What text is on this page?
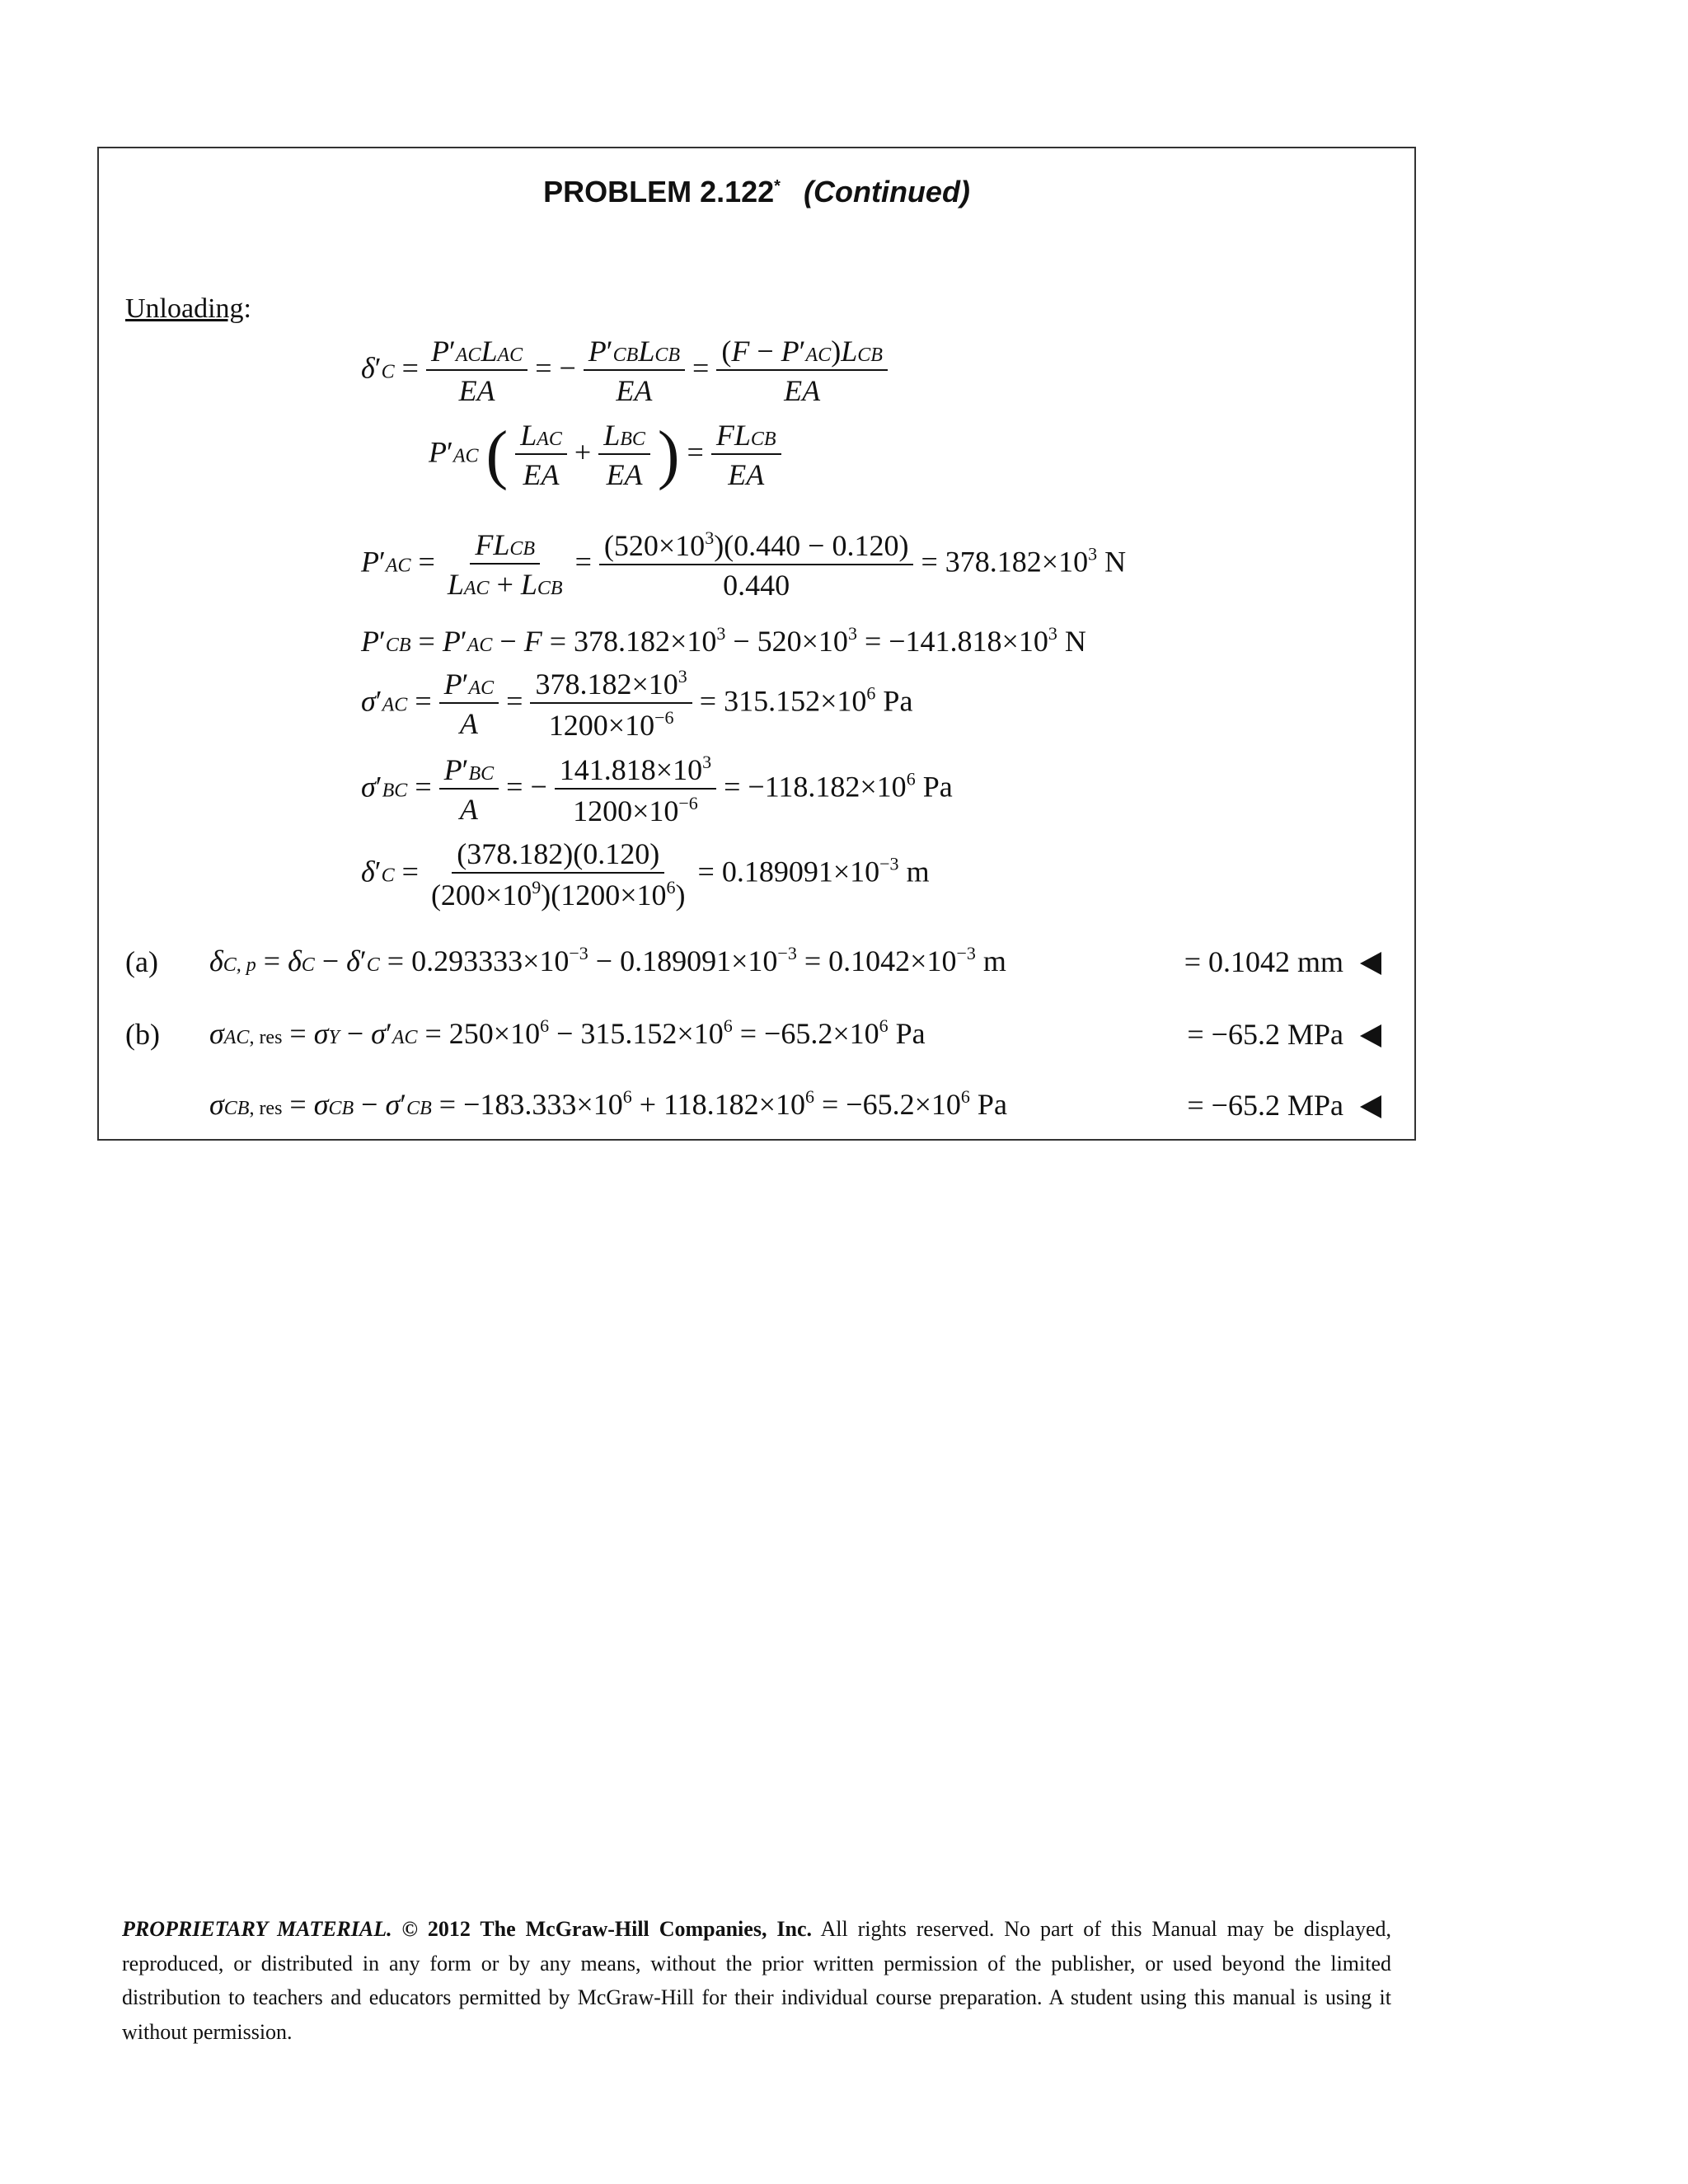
PROBLEM 2.122* (Continued)
Unloading:
$\delta'C = \frac{\text{P′ACLAC}}{EA}$ = − $\frac{\text{P′CBLCB}}{EA} = \frac{\text{(F − P′AC)LCB}}{EA}$
P′AC ( $\frac{\text{LAC}}{EA} + \frac{\text{LBC}}{EA}$ ) = $\frac{\text{FLCB}}{EA}$
$P'AC = \frac{\text{FLCB}}{\text{LAC + LCB}} = \frac{(520\times 10^3)(0.440 - 0.120)}{0.440} = 378.182\times 10^3$ N
$P'CB = P'AC - F = 378.182\times 10^3 - 520\times 10^3 = -141.818\times 10^3$ N
$\sigma'AC = \frac{P'AC}{A} = \frac{378.182\times 10^3}{1200\times 10^{-6}} = 315.152\times 10^6$ Pa
$\sigma'BC = \frac{P'BC}{A}$ = − $\frac{141.818\times 10^3}{1200\times 10^{-6}} = -118.182\times 10^6$ Pa
$\delta'C = \frac{(378.182)(0.120)}{(200\times 10^9)(1200\times 10^6)} = 0.189091\times 10^{-3}$ m
(a) δC, $p = \delta C - \delta'C = 0.293333\times 10^{-3} - 0.189091\times 10^{-3} = 0.1042\times 10^{-3}$ m	= 0.1042 mm
(b) σAC, res = $\sigma Y - \sigma'AC = 250\times 10^6 - 315.152\times 10^6 = -65.2\times 10^6$ Pa	= −65.2 MPa
σCB, res = $\sigma CB - \sigma'CB = -183.333\times 10^6 + 118.182\times 10^6 = -65.2\times 10^6$ Pa	= −65.2 MPa
PROPRIETARY MATERIAL. © 2012 The McGraw-Hill Companies, Inc. All rights reserved. No part of this Manual may be displayed, reproduced, or distributed in any form or by any means, without the prior written permission of the publisher, or used beyond the limited distribution to teachers and educators permitted by McGraw-Hill for their individual course preparation. A student using this manual is using it without permission.
